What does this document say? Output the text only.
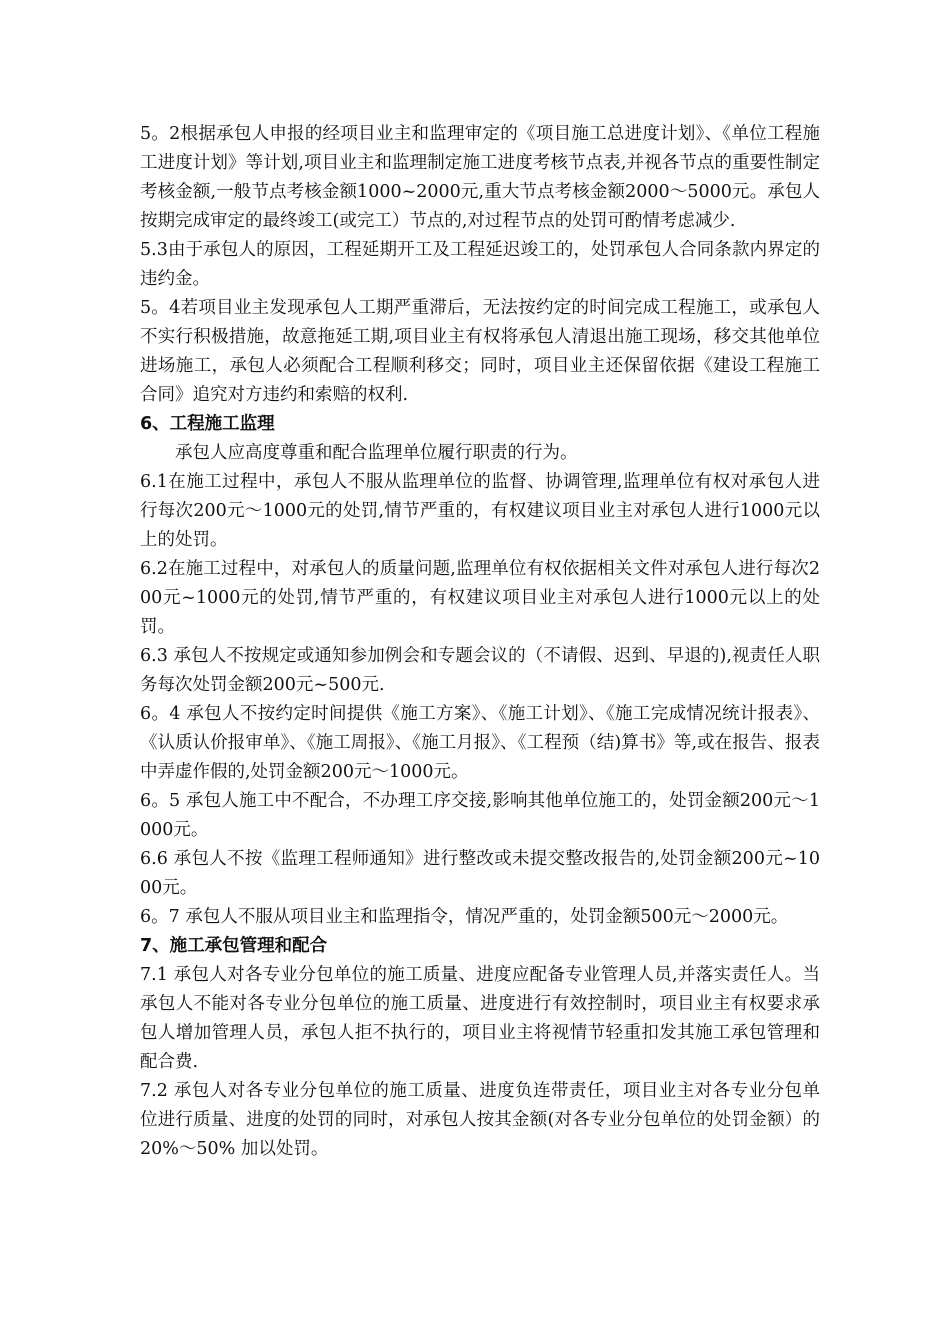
5。2根据承包人申报的经项目业主和监理审定的《项目施工总进度计划》、《单位工程施工进度计划》等计划,项目业主和监理制定施工进度考核节点表,并视各节点的重要性制定考核金额,一般节点考核金额1000~2000元,重大节点考核金额2000～5000元。承包人按期完成审定的最终竣工(或完工）节点的,对过程节点的处罚可酌情考虑减少.

5.3由于承包人的原因，工程延期开工及工程延迟竣工的，处罚承包人合同条款内界定的违约金。

5。4若项目业主发现承包人工期严重滞后，无法按约定的时间完成工程施工，或承包人不实行积极措施，故意拖延工期,项目业主有权将承包人清退出施工现场，移交其他单位进场施工，承包人必须配合工程顺利移交；同时，项目业主还保留依据《建设工程施工合同》追究对方违约和索赔的权利.

6、工程施工监理

承包人应高度尊重和配合监理单位履行职责的行为。

6.1在施工过程中，承包人不服从监理单位的监督、协调管理,监理单位有权对承包人进行每次200元～1000元的处罚,情节严重的，有权建议项目业主对承包人进行1000元以上的处罚。

6.2在施工过程中，对承包人的质量问题,监理单位有权依据相关文件对承包人进行每次200元~1000元的处罚,情节严重的，有权建议项目业主对承包人进行1000元以上的处罚。

6.3 承包人不按规定或通知参加例会和专题会议的（不请假、迟到、早退的),视责任人职务每次处罚金额200元~500元.

6。4 承包人不按约定时间提供《施工方案》、《施工计划》、《施工完成情况统计报表》、《认质认价报审单》、《施工周报》、《施工月报》、《工程预（结)算书》等,或在报告、报表中弄虚作假的,处罚金额200元～1000元。

6。5 承包人施工中不配合，不办理工序交接,影响其他单位施工的，处罚金额200元～1000元。

6.6 承包人不按《监理工程师通知》进行整改或未提交整改报告的,处罚金额200元~1000元。

6。7 承包人不服从项目业主和监理指令，情况严重的，处罚金额500元～2000元。

7、施工承包管理和配合

7.1 承包人对各专业分包单位的施工质量、进度应配备专业管理人员,并落实责任人。当承包人不能对各专业分包单位的施工质量、进度进行有效控制时，项目业主有权要求承包人增加管理人员，承包人拒不执行的，项目业主将视情节轻重扣发其施工承包管理和配合费.

7.2 承包人对各专业分包单位的施工质量、进度负连带责任，项目业主对各专业分包单位进行质量、进度的处罚的同时，对承包人按其金额(对各专业分包单位的处罚金额）的20%～50% 加以处罚。
